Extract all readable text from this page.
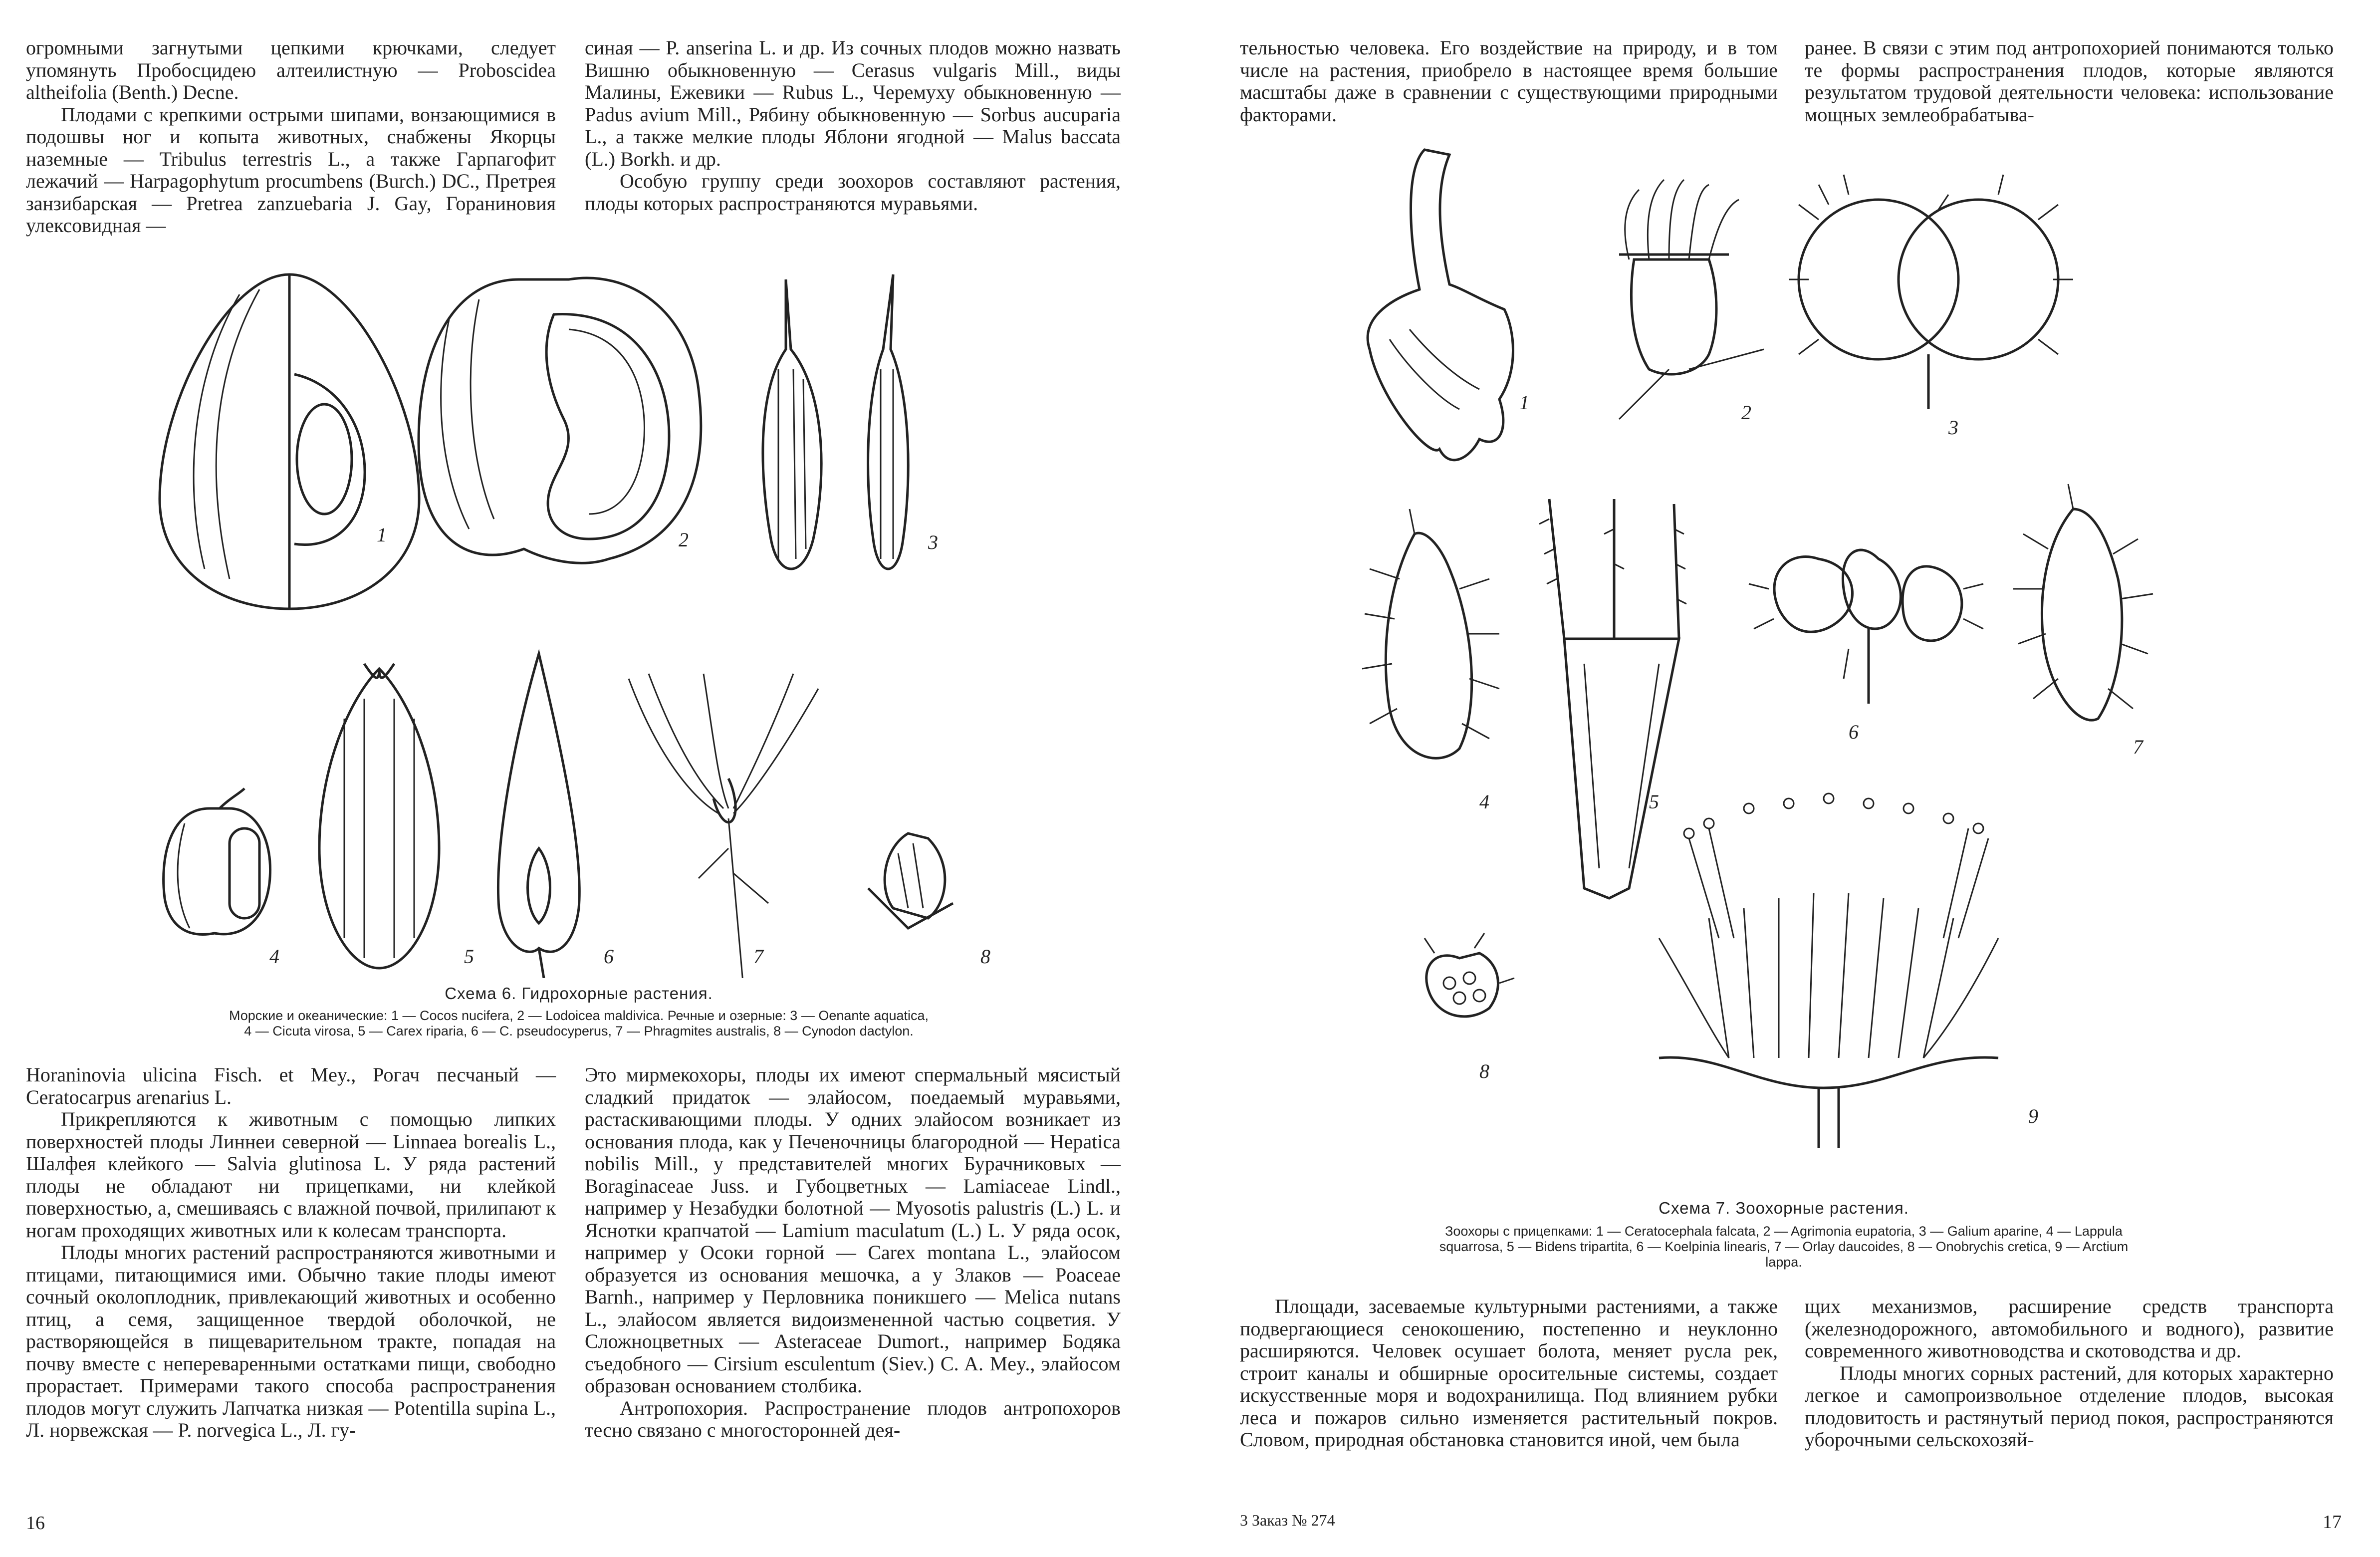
огромными загнутыми цепкими крючками, следует упомянуть Пробосцидею алтеилистную — Proboscidea altheifolia (Benth.) Decne.

Плодами с крепкими острыми шипами, вонзающимися в подошвы ног и копыта животных, снабжены Якорцы наземные — Tribulus terrestris L., а также Гарпагофит лежачий — Harpagophytum procumbens (Burch.) DC., Претрея занзибарская — Pretrea zanzuebaria J. Gay, Гораниновия улексовидная —

синая — P. anserina L. и др. Из сочных плодов можно назвать Вишню обыкновенную — Cerasus vulgaris Mill., виды Малины, Ежевики — Rubus L., Черемуху обыкновенную — Padus avium Mill., Рябину обыкновенную — Sorbus aucuparia L., а также мелкие плоды Яблони ягодной — Malus baccata (L.) Borkh. и др.

Особую группу среди зоохоров составляют растения, плоды которых распространяются муравьями.

1	2	3
4	5	6	7	8
Схема 6. Гидрохорные растения.
Морские и океанические: 1 — Cocos nucifera, 2 — Lodoicea maldivica. Речные и озерные: 3 — Oenante aquatica,
4 — Cicuta virosa, 5 — Carex riparia, 6 — C. pseudocyperus, 7 — Phragmites australis, 8 — Cynodon dactylon.

Horaninovia ulicina Fisch. et Mey., Рогач песчаный — Ceratocarpus arenarius L.

Прикрепляются к животным с помощью липких поверхностей плоды Линнеи северной — Linnaea borealis L., Шалфея клейкого — Salvia glutinosa L. У ряда растений плоды не обладают ни прицепками, ни клейкой поверхностью, а, смешиваясь с влажной почвой, прилипают к ногам проходящих животных или к колесам транспорта.

Плоды многих растений распространяются животными и птицами, питающимися ими. Обычно такие плоды имеют сочный околоплодник, привлекающий животных и особенно птиц, а семя, защищенное твердой оболочкой, не растворяющейся в пищеварительном тракте, попадая на почву вместе с непереваренными остатками пищи, свободно прорастает. Примерами такого способа распространения плодов могут служить Лапчатка низкая — Potentilla supina L., Л. норвежская — P. norvegica L., Л. гу-

Это мирмекохоры, плоды их имеют спермальный мясистый сладкий придаток — элайосом, поедаемый муравьями, растаскивающими плоды. У одних элайосом возникает из основания плода, как у Печеночницы благородной — Hepatica nobilis Mill., у представителей многих Бурачниковых — Boraginaceae Juss. и Губоцветных — Lamiaceae Lindl., например у Незабудки болотной — Myosotis palustris (L.) L. и Яснотки крапчатой — Lamium maculatum (L.) L. У ряда осок, например у Осоки горной — Carex montana L., элайосом образуется из основания мешочка, а у Злаков — Poaceae Barnh., например у Перловника поникшего — Melica nutans L., элайосом является видоизмененной частью соцветия. У Сложноцветных — Asteraceae Dumort., например Бодяка съедобного — Cirsium esculentum (Siev.) C. A. Mey., элайосом образован основанием столбика.

Антропохория. Распространение плодов антропохоров тесно связано с многосторонней дея-

16

тельностью человека. Его воздействие на природу, и в том числе на растения, приобрело в настоящее время большие масштабы даже в сравнении с существующими природными факторами.

ранее. В связи с этим под антропохорией понимаются только те формы распространения плодов, которые являются результатом трудовой деятельности человека: использование мощных землеобрабатыва-

1	2
3
4	5
6
7
8
9
Схема 7. Зоохорные растения.
Зоохоры с прицепками: 1 — Ceratocephala falcata, 2 — Agrimonia eupatoria, 3 — Galium aparine, 4 — Lappula
squarrosa, 5 — Bidens tripartita, 6 — Koelpinia linearis, 7 — Orlay daucoides, 8 — Onobrychis cretica, 9 — Arctium
lappa.

Площади, засеваемые культурными растениями, а также подвергающиеся сенокошению, постепенно и неуклонно расширяются. Человек осушает болота, меняет русла рек, строит каналы и обширные оросительные системы, создает искусственные моря и водохранилища. Под влиянием рубки леса и пожаров сильно изменяется растительный покров. Словом, природная обстановка становится иной, чем была

щих механизмов, расширение средств транспорта (железнодорожного, автомобильного и водного), развитие современного животноводства и скотоводства и др.

Плоды многих сорных растений, для которых характерно легкое и самопроизвольное отделение плодов, высокая плодовитость и растянутый период покоя, распространяются уборочными сельскохозяй-

3 Заказ № 274	17
